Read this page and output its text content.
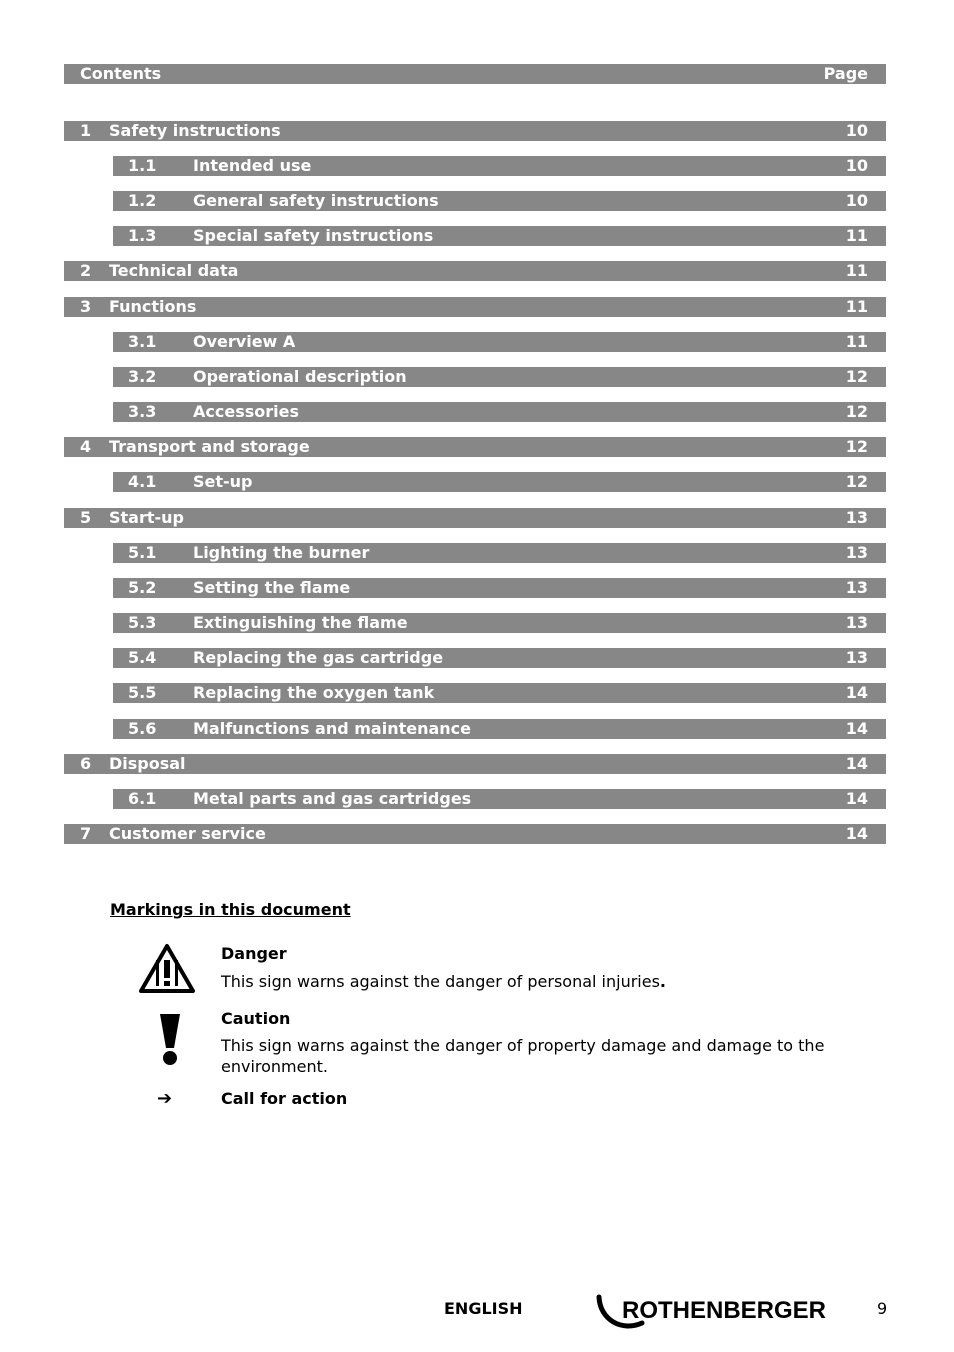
Contents	Page
1 Safety instructions	10
1.1 Intended use	10
1.2 General safety instructions	10
1.3 Special safety instructions	11
2 Technical data	11
3 Functions	11
3.1 Overview A	11
3.2 Operational description	12
3.3 Accessories	12
4 Transport and storage	12
4.1 Set-up	12
5 Start-up	13
5.1 Lighting the burner	13
5.2 Setting the flame	13
5.3 Extinguishing the flame	13
5.4 Replacing the gas cartridge	13
5.5 Replacing the oxygen tank	14
5.6 Malfunctions and maintenance	14
6 Disposal	14
6.1 Metal parts and gas cartridges	14
7 Customer service	14
Markings in this document
Danger
This sign warns against the danger of personal injuries.
Caution
This sign warns against the danger of property damage and damage to the environment.
➔	Call for action
ENGLISH	ROTHENBERGER	9
